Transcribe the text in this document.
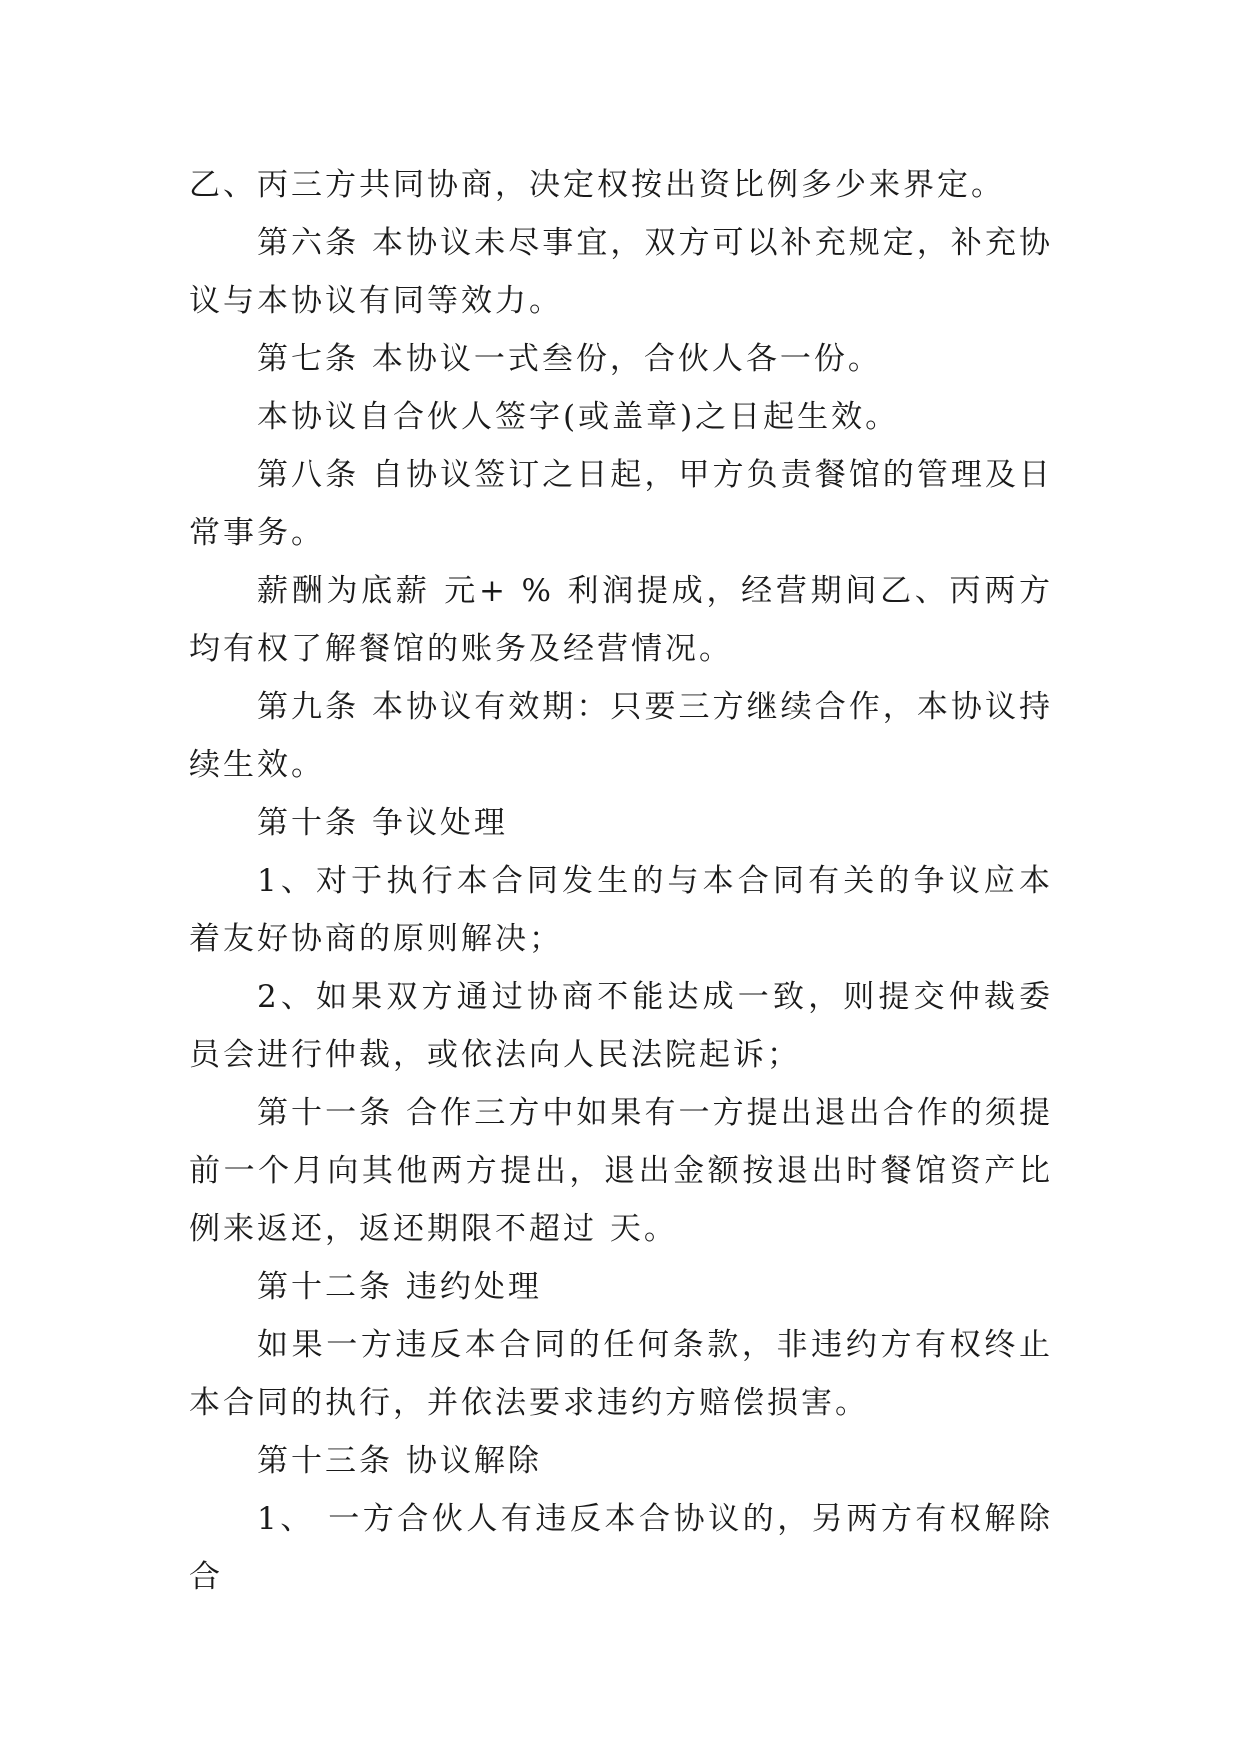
乙、丙三方共同协商，决定权按出资比例多少来界定。

第六条 本协议未尽事宜，双方可以补充规定，补充协议与本协议有同等效力。

第七条 本协议一式叁份，合伙人各一份。

本协议自合伙人签字(或盖章)之日起生效。

第八条 自协议签订之日起，甲方负责餐馆的管理及日常事务。

薪酬为底薪 元+ % 利润提成，经营期间乙、丙两方均有权了解餐馆的账务及经营情况。

第九条 本协议有效期：只要三方继续合作，本协议持续生效。

第十条 争议处理

1、对于执行本合同发生的与本合同有关的争议应本着友好协商的原则解决；

2、如果双方通过协商不能达成一致，则提交仲裁委员会进行仲裁，或依法向人民法院起诉；

第十一条 合作三方中如果有一方提出退出合作的须提前一个月向其他两方提出，退出金额按退出时餐馆资产比例来返还，返还期限不超过 天。

第十二条 违约处理

如果一方违反本合同的任何条款，非违约方有权终止本合同的执行，并依法要求违约方赔偿损害。

第十三条 协议解除

1、 一方合伙人有违反本合协议的，另两方有权解除合
